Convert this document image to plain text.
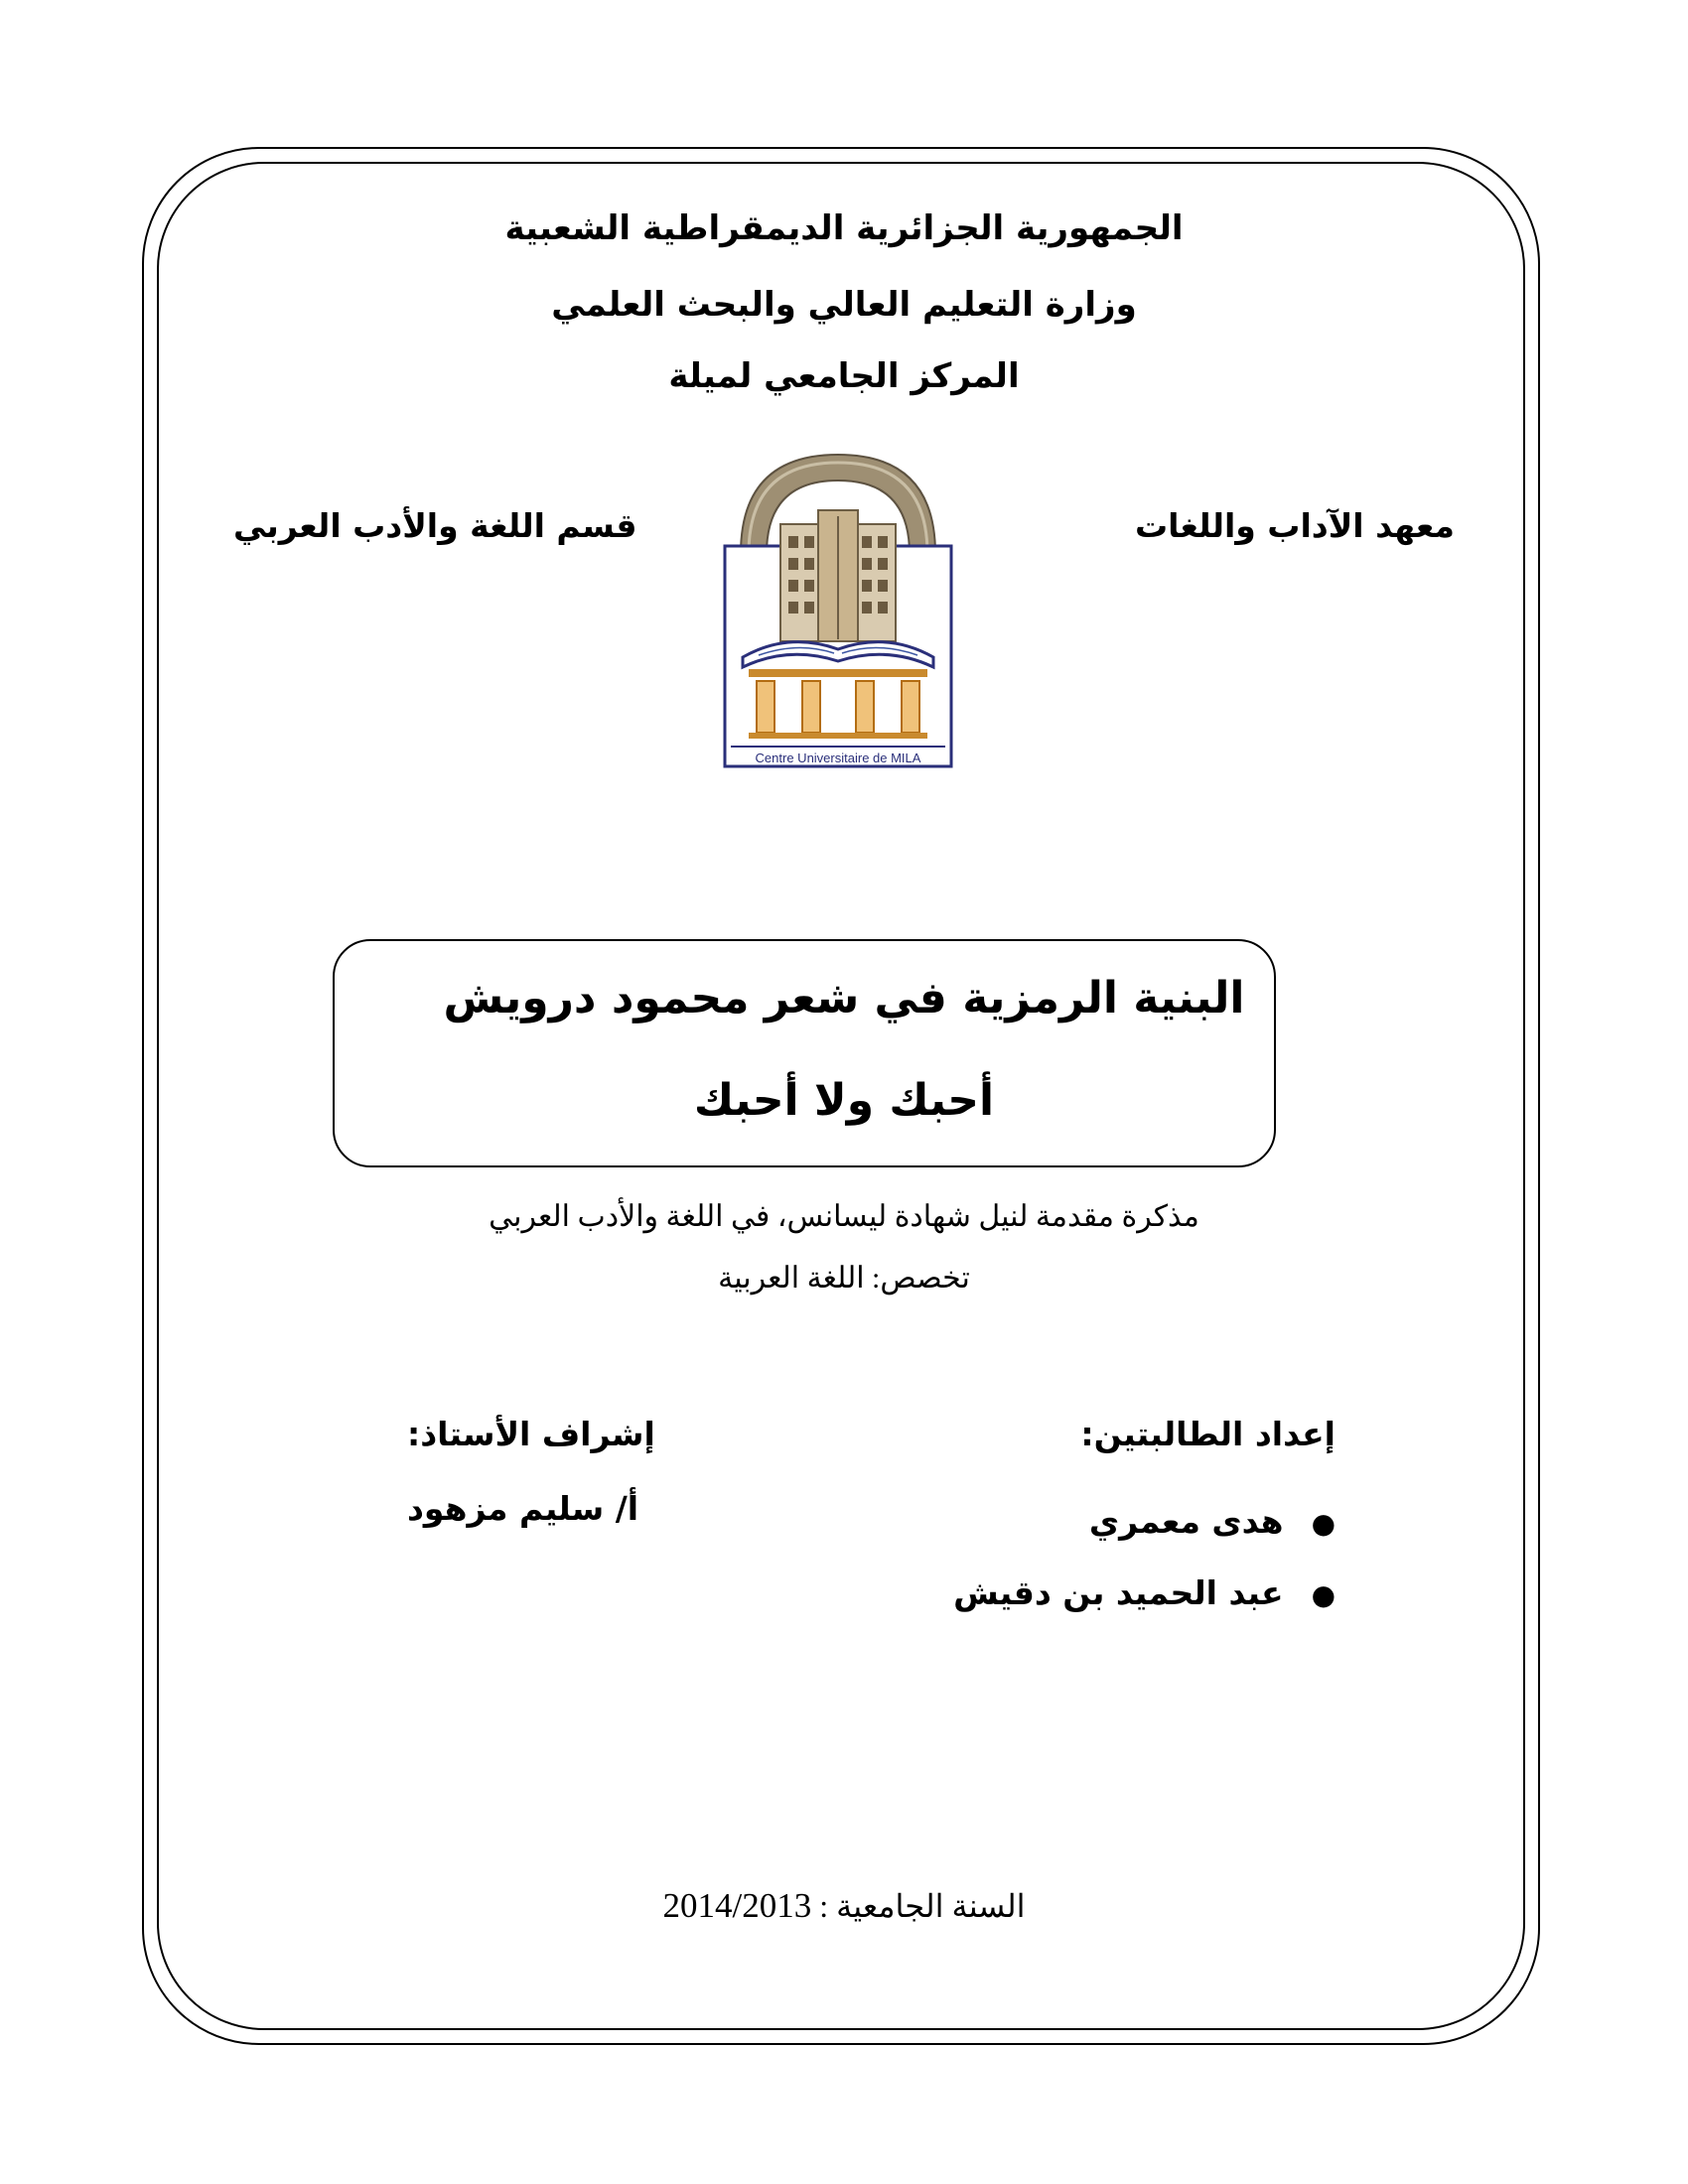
الجمهورية الجزائرية الديمقراطية الشعبية
وزارة التعليم العالي والبحث العلمي
المركز الجامعي لميلة
معهد الآداب واللغات
قسم اللغة والأدب العربي
Centre Universitaire de MILA
البنية الرمزية في شعر محمود درويش
أحبك ولا أحبك
مذكرة مقدمة لنيل شهادة ليسانس، في اللغة والأدب العربي
تخصص: اللغة العربية
إعداد الطالبتين:
●هدى معمري
●عبد الحميد بن دقيش
إشراف الأستاذ:
أ/ سليم مزهود
السنة الجامعية : 2014/2013
